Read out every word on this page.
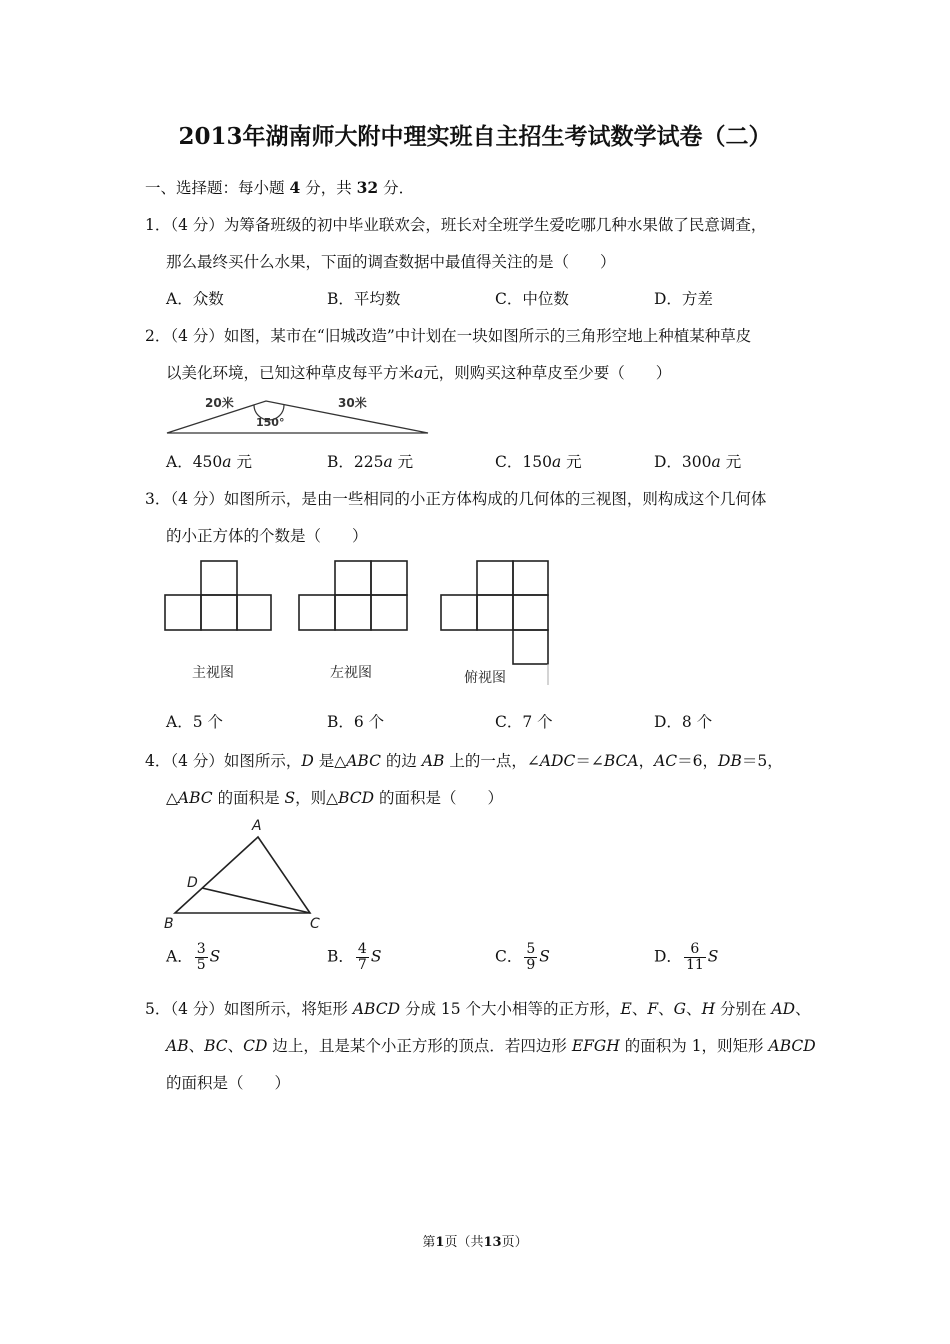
2013年湖南师大附中理实班自主招生考试数学试卷（二）
一、选择题：每小题 4 分，共 32 分．
1．（4 分）为筹备班级的初中毕业联欢会，班长对全班学生爱吃哪几种水果做了民意调查，
那么最终买什么水果，下面的调查数据中最值得关注的是（　　）
A．众数	B．平均数	C．中位数	D．方差
2．（4 分）如图，某市在“旧城改造”中计划在一块如图所示的三角形空地上种植某种草皮
以美化环境，已知这种草皮每平方米a元，则购买这种草皮至少要（　　）
20米	30米
150°
A．450a 元	B．225a 元	C．150a 元	D．300a 元
3．（4 分）如图所示，是由一些相同的小正方体构成的几何体的三视图，则构成这个几何体
的小正方体的个数是（　　）
主视图	左视图	俯视图
A．5 个	B．6 个	C．7 个	D．8 个
4．（4 分）如图所示，D 是△ABC 的边 AB 上的一点，∠ADC＝∠BCA，AC＝6，DB＝5，
△ABC 的面积是 S，则△BCD 的面积是（　　）
A
B	C
D
A． $\frac{3}{5}$ S	B． $\frac{4}{7}$ S	C． $\frac{5}{9}$ S	D． $\frac{6}{11}$ S
5．（4 分）如图所示，将矩形 ABCD 分成 15 个大小相等的正方形，E、F、G、H 分别在 AD、
AB、BC、CD 边上，且是某个小正方形的顶点．若四边形 EFGH 的面积为 1，则矩形 ABCD
的面积是（　　）
第1页（共13页）
